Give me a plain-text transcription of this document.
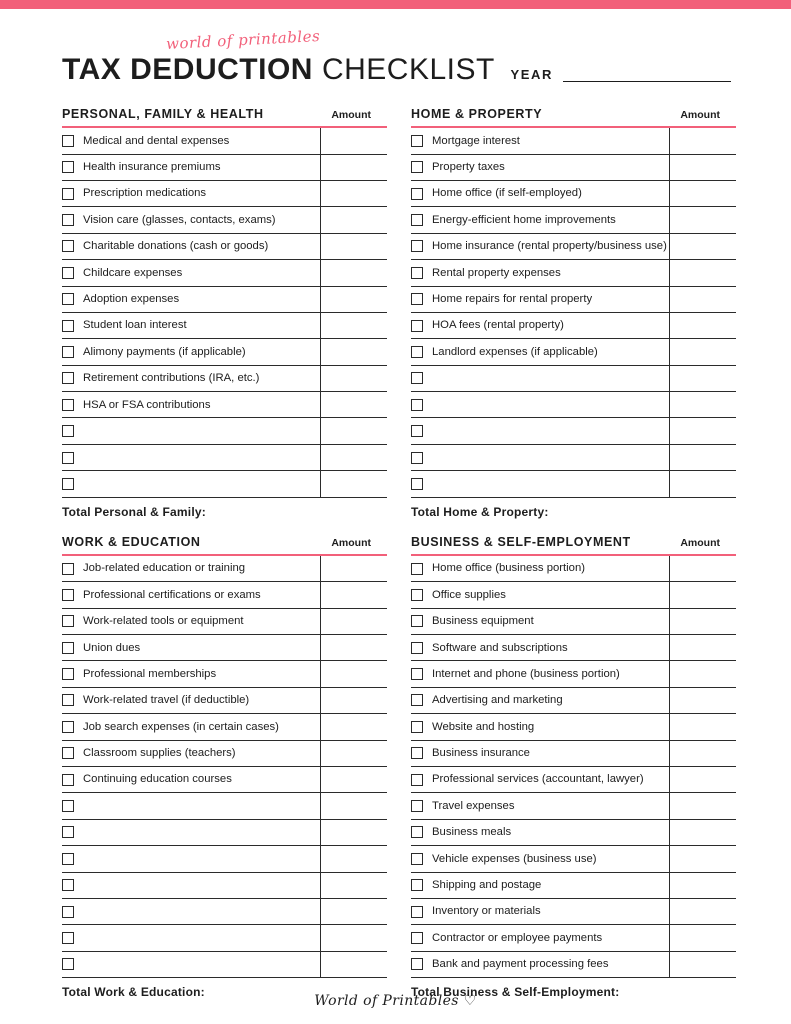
world of printables
TAX DEDUCTION CHECKLIST YEAR
PERSONAL, FAMILY & HEALTH	Amount
Medical and dental expenses	

Health insurance premiums	

Prescription medications	

Vision care (glasses, contacts, exams)	

Charitable donations (cash or goods)	

Childcare expenses	

Adoption expenses	

Student loan interest	

Alimony payments (if applicable)	

Retirement contributions (IRA, etc.)	

HSA or FSA contributions	

Total Personal & Family:
WORK & EDUCATION	Amount
Job-related education or training	

Professional certifications or exams	

Work-related tools or equipment	

Union dues	

Professional memberships	

Work-related travel (if deductible)	

Job search expenses (in certain cases)	

Classroom supplies (teachers)	

Continuing education courses	

Total Work & Education:
HOME & PROPERTY	Amount
Mortgage interest	

Property taxes	

Home office (if self-employed)	

Energy-efficient home improvements	

Home insurance (rental property/business use)	

Rental property expenses	

Home repairs for rental property	

HOA fees (rental property)	

Landlord expenses (if applicable)	

Total Home & Property:
BUSINESS & SELF-EMPLOYMENT	Amount
Home office (business portion)	

Office supplies	

Business equipment	

Software and subscriptions	

Internet and phone (business portion)	

Advertising and marketing	

Website and hosting	

Business insurance	

Professional services (accountant, lawyer)	

Travel expenses	

Business meals	

Vehicle expenses (business use)	

Shipping and postage	

Inventory or materials	

Contractor or employee payments	

Bank and payment processing fees	

Total Business & Self-Employment:
World of Printables ♡
